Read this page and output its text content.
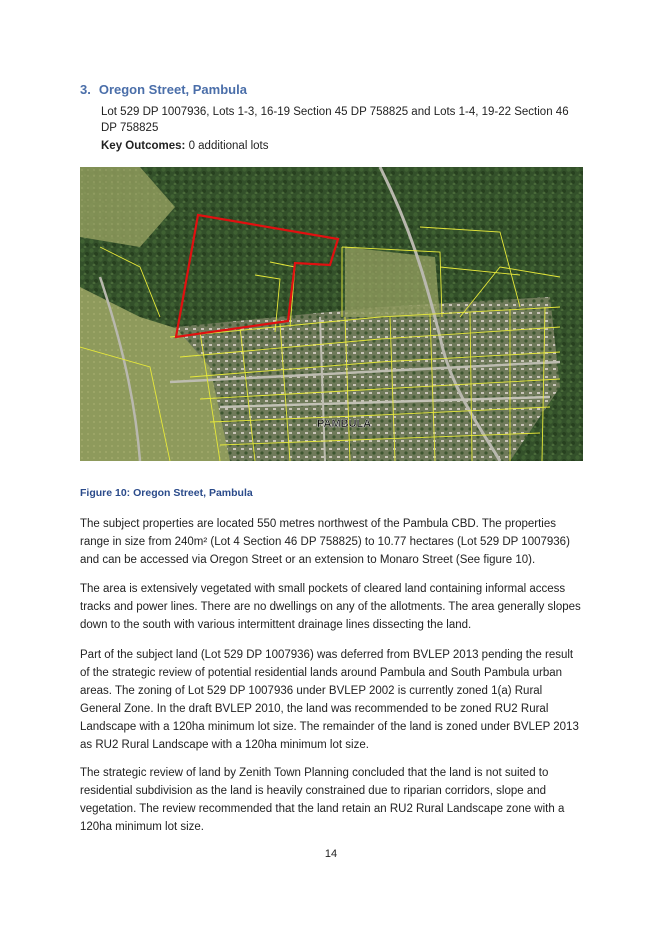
3. Oregon Street, Pambula

Lot 529 DP 1007936, Lots 1-3, 16-19 Section 45 DP 758825 and Lots 1-4, 19-22 Section 46 DP 758825

Key Outcomes: 0 additional lots

PAMBULA

Figure 10: Oregon Street, Pambula

The subject properties are located 550 metres northwest of the Pambula CBD. The properties range in size from 240m² (Lot 4 Section 46 DP 758825) to 10.77 hectares (Lot 529 DP 1007936) and can be accessed via Oregon Street or an extension to Monaro Street (See figure 10).

The area is extensively vegetated with small pockets of cleared land containing informal access tracks and power lines. There are no dwellings on any of the allotments. The area generally slopes down to the south with various intermittent drainage lines dissecting the land.

Part of the subject land (Lot 529 DP 1007936) was deferred from BVLEP 2013 pending the result of the strategic review of potential residential lands around Pambula and South Pambula urban areas. The zoning of Lot 529 DP 1007936 under BVLEP 2002 is currently zoned 1(a) Rural General Zone. In the draft BVLEP 2010, the land was recommended to be zoned RU2 Rural Landscape with a 120ha minimum lot size. The remainder of the land is zoned under BVLEP 2013 as RU2 Rural Landscape with a 120ha minimum lot size.

The strategic review of land by Zenith Town Planning concluded that the land is not suited to residential subdivision as the land is heavily constrained due to riparian corridors, slope and vegetation. The review recommended that the land retain an RU2 Rural Landscape zone with a 120ha minimum lot size.

14
